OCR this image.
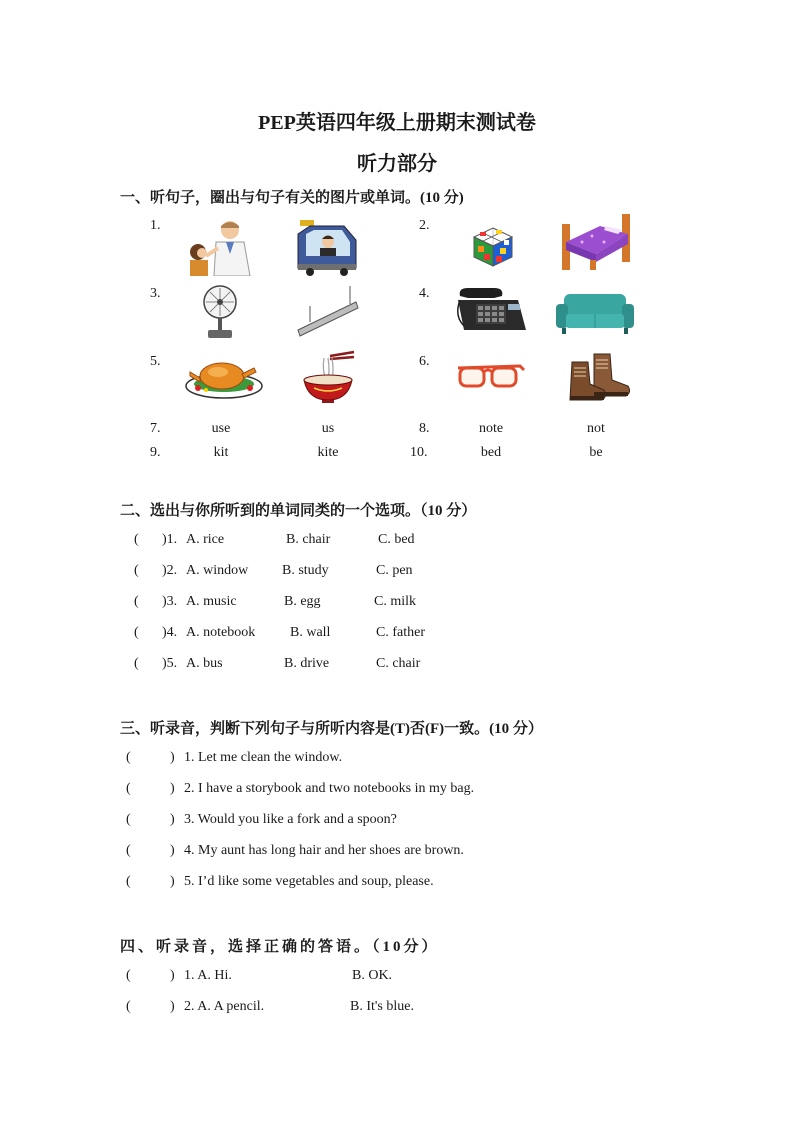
PEP英语四年级上册期末测试卷
听力部分
一、听句子，圈出与句子有关的图片或单词。(10 分)
1.	2.
3.	4.
5.	6.
7.	use	us	8.	note	not
9.	kit	kite	10.	bed	be
二、选出与你所听到的单词同类的一个选项。（10 分）
( )1. A. rice	B. chair	C. bed
( )2. A. window B. study	C. pen
( )3. A. music	B. egg	C. milk
( )4. A. notebook B. wall	C. father
( )5. A. bus	B. drive	C. chair
三、听录音，判断下列句子与所听内容是(T)否(F)一致。(10 分）
(	) 1. Let me clean the window.
(	) 2. I have a storybook and two notebooks in my bag.
(	) 3. Would you like a fork and a spoon?
(	) 4. My aunt has long hair and her shoes are brown.
(	) 5. I’d like some vegetables and soup, please.
四、听录音，选择正确的答语。（10分）
(	) 1. A. Hi.	B. OK.
(	) 2. A. A pencil.	B. It's blue.
